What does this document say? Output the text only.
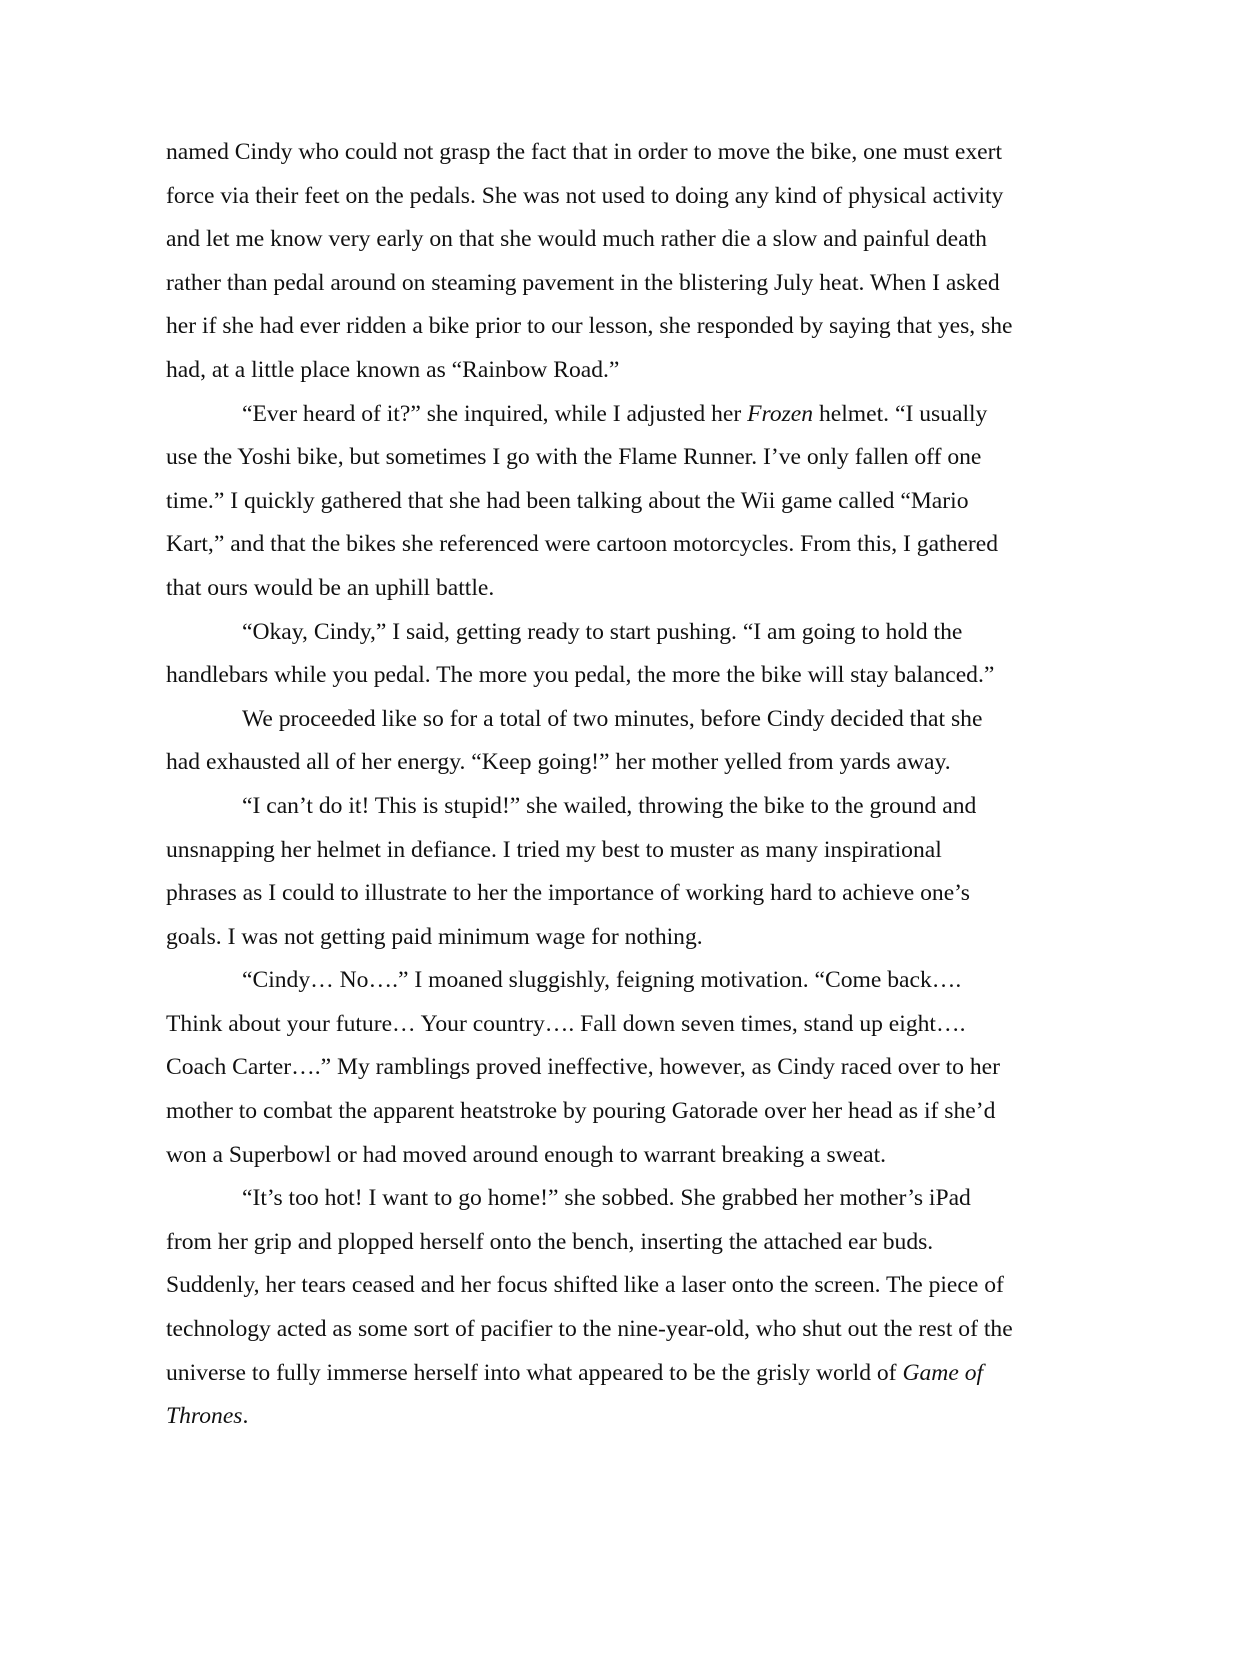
named Cindy who could not grasp the fact that in order to move the bike, one must exert
force via their feet on the pedals. She was not used to doing any kind of physical activity
and let me know very early on that she would much rather die a slow and painful death
rather than pedal around on steaming pavement in the blistering July heat. When I asked
her if she had ever ridden a bike prior to our lesson, she responded by saying that yes, she
had, at a little place known as “Rainbow Road.”

“Ever heard of it?” she inquired, while I adjusted her Frozen helmet. “I usually
use the Yoshi bike, but sometimes I go with the Flame Runner. I’ve only fallen off one
time.” I quickly gathered that she had been talking about the Wii game called “Mario
Kart,” and that the bikes she referenced were cartoon motorcycles. From this, I gathered
that ours would be an uphill battle.

“Okay, Cindy,” I said, getting ready to start pushing. “I am going to hold the
handlebars while you pedal. The more you pedal, the more the bike will stay balanced.”

We proceeded like so for a total of two minutes, before Cindy decided that she
had exhausted all of her energy. “Keep going!” her mother yelled from yards away.

“I can’t do it! This is stupid!” she wailed, throwing the bike to the ground and
unsnapping her helmet in defiance. I tried my best to muster as many inspirational
phrases as I could to illustrate to her the importance of working hard to achieve one’s
goals. I was not getting paid minimum wage for nothing.

“Cindy… No….” I moaned sluggishly, feigning motivation. “Come back….
Think about your future… Your country…. Fall down seven times, stand up eight….
Coach Carter….” My ramblings proved ineffective, however, as Cindy raced over to her
mother to combat the apparent heatstroke by pouring Gatorade over her head as if she’d
won a Superbowl or had moved around enough to warrant breaking a sweat.

“It’s too hot! I want to go home!” she sobbed. She grabbed her mother’s iPad
from her grip and plopped herself onto the bench, inserting the attached ear buds.
Suddenly, her tears ceased and her focus shifted like a laser onto the screen. The piece of
technology acted as some sort of pacifier to the nine-year-old, who shut out the rest of the
universe to fully immerse herself into what appeared to be the grisly world of Game of
Thrones.
